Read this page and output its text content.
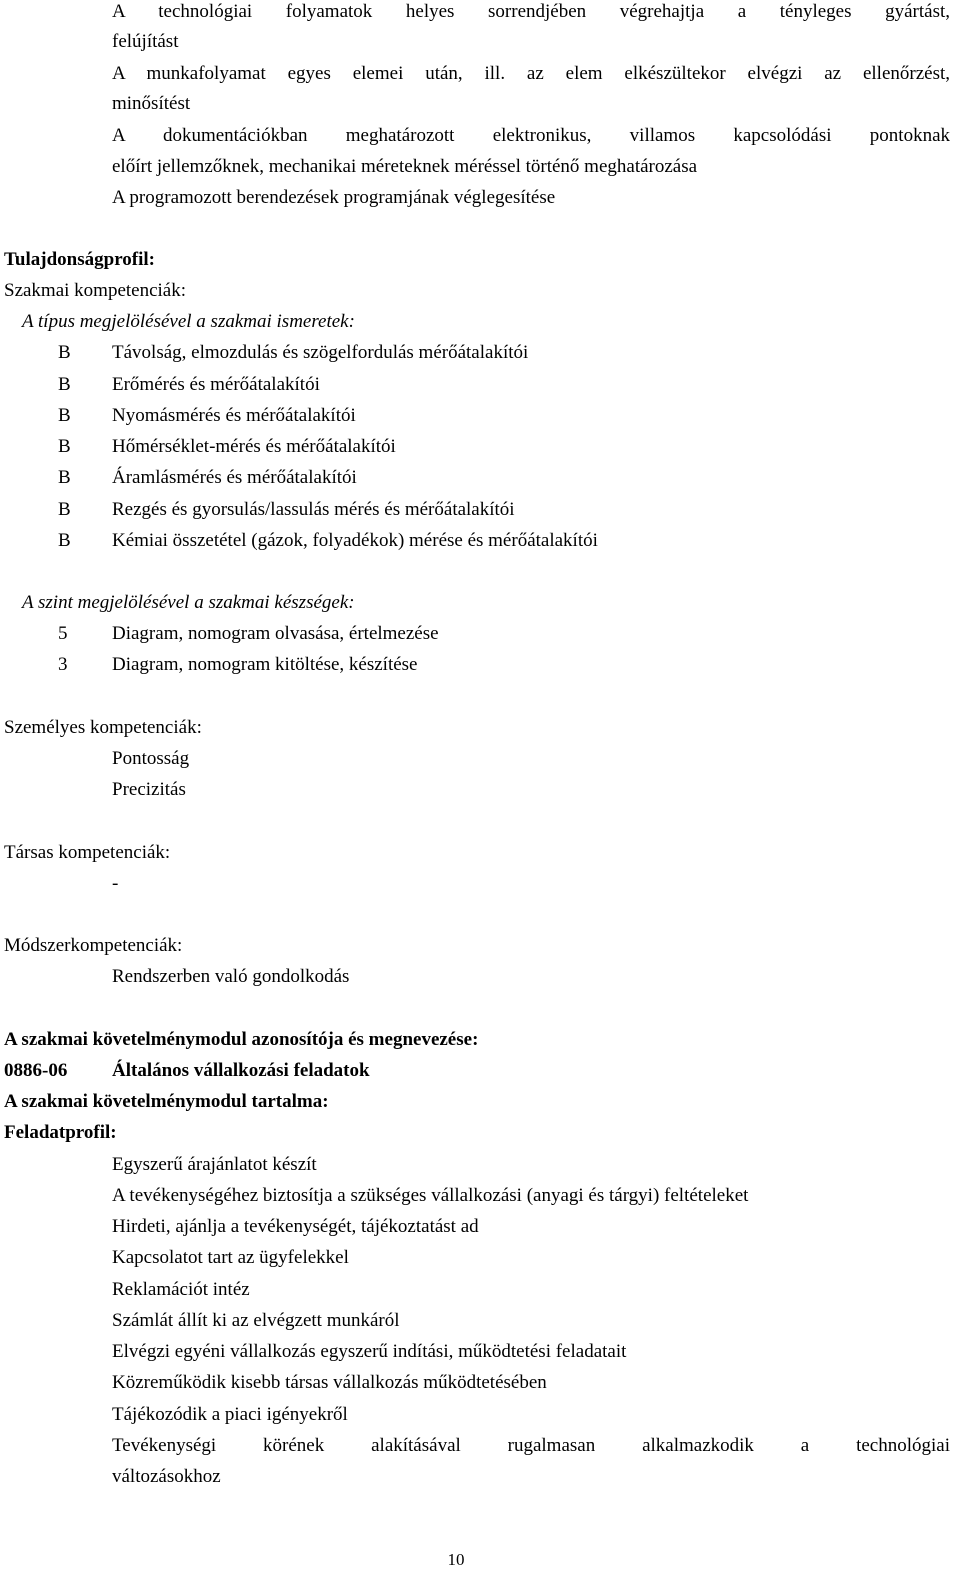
A technológiai folyamatok helyes sorrendjében végrehajtja a tényleges gyártást,
felújítást
A munkafolyamat egyes elemei után, ill. az elem elkészültekor elvégzi az ellenőrzést,
minősítést
A dokumentációkban meghatározott elektronikus, villamos kapcsolódási pontoknak
előírt jellemzőknek, mechanikai méreteknek méréssel történő meghatározása
A programozott berendezések programjának véglegesítése
Tulajdonságprofil:
Szakmai kompetenciák:
A típus megjelölésével a szakmai ismeretek:
B Távolság, elmozdulás és szögelfordulás mérőátalakítói
B Erőmérés és mérőátalakítói
B Nyomásmérés és mérőátalakítói
B Hőmérséklet-mérés és mérőátalakítói
B Áramlásmérés és mérőátalakítói
B Rezgés és gyorsulás/lassulás mérés és mérőátalakítói
B Kémiai összetétel (gázok, folyadékok) mérése és mérőátalakítói
A szint megjelölésével a szakmai készségek:
5 Diagram, nomogram olvasása, értelmezése
3 Diagram, nomogram kitöltése, készítése
Személyes kompetenciák:
Pontosság
Precizitás
Társas kompetenciák:
-
Módszerkompetenciák:
Rendszerben való gondolkodás
A szakmai követelménymodul azonosítója és megnevezése:
0886-06 Általános vállalkozási feladatok
A szakmai követelménymodul tartalma:
Feladatprofil:
Egyszerű árajánlatot készít
A tevékenységéhez biztosítja a szükséges vállalkozási (anyagi és tárgyi) feltételeket
Hirdeti, ajánlja a tevékenységét, tájékoztatást ad
Kapcsolatot tart az ügyfelekkel
Reklamációt intéz
Számlát állít ki az elvégzett munkáról
Elvégzi egyéni vállalkozás egyszerű indítási, működtetési feladatait
Közreműködik kisebb társas vállalkozás működtetésében
Tájékozódik a piaci igényekről
Tevékenységi körének alakításával rugalmasan alkalmazkodik a technológiai
változásokhoz
10
